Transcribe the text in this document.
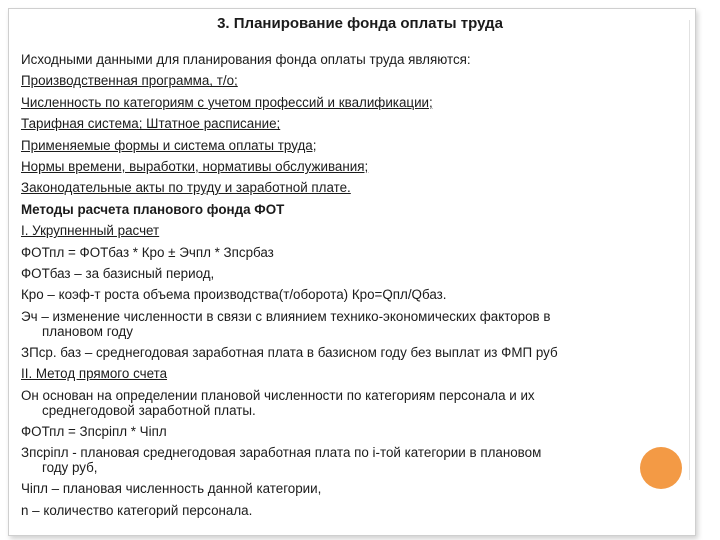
3. Планирование фонда оплаты труда
Исходными данными для планирования фонда оплаты труда являются:
Производственная программа, т/о;
Численность по категориям с учетом профессий и квалификации;
Тарифная система; Штатное расписание;
Применяемые формы и система оплаты труда;
Нормы времени, выработки, нормативы обслуживания;
Законодательные акты по труду и заработной плате.
Методы расчета планового фонда ФОТ
I. Укрупненный расчет
ФОТпл = ФОТбаз * Кро ± Эчпл * Зпсрбаз
ФОТбаз – за базисный период,
Кро – коэф-т роста объема производства(т/оборота) Кро=Qпл/Qбаз.
Эч – изменение численности в связи с влиянием технико-экономических факторов в
плановом году
ЗПср. баз – среднегодовая заработная плата в базисном году без выплат из ФМП руб
II. Метод прямого счета
Он основан на определении плановой численности по категориям персонала и их
среднегодовой заработной платы.
ФОТпл = Зпсрiпл * Чiпл
Зпсрiпл - плановая среднегодовая заработная плата по i-той категории в плановом
году руб,
Чiпл – плановая численность данной категории,
n – количество категорий персонала.
